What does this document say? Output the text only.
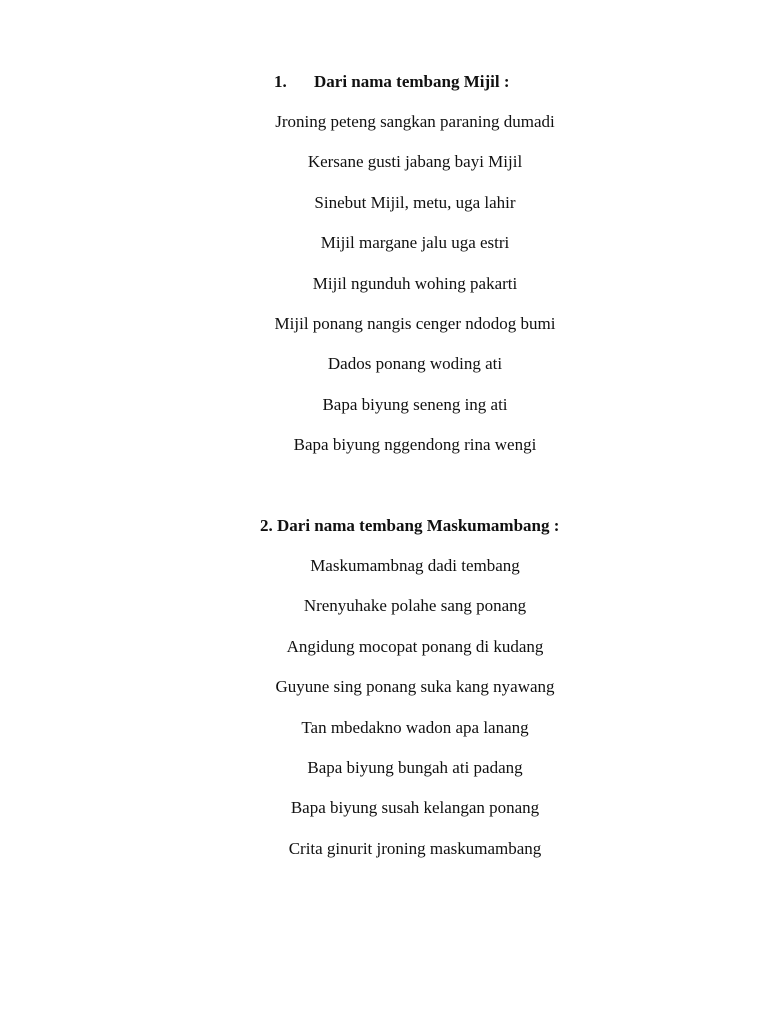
1. Dari nama tembang Mijil :
Jroning peteng sangkan paraning dumadi
Kersane gusti jabang bayi Mijil
Sinebut Mijil, metu, uga lahir
Mijil margane jalu uga estri
Mijil ngunduh wohing pakarti
Mijil ponang nangis cenger ndodog bumi
Dados ponang woding ati
Bapa biyung seneng ing ati
Bapa biyung nggendong rina wengi
2. Dari nama tembang Maskumambang :
Maskumambnag dadi tembang
Nrenyuhake polahe sang ponang
Angidung mocopat ponang di kudang
Guyune sing ponang suka kang nyawang
Tan mbedakno wadon apa lanang
Bapa biyung bungah ati padang
Bapa biyung susah kelangan ponang
Crita ginurit jroning maskumambang
